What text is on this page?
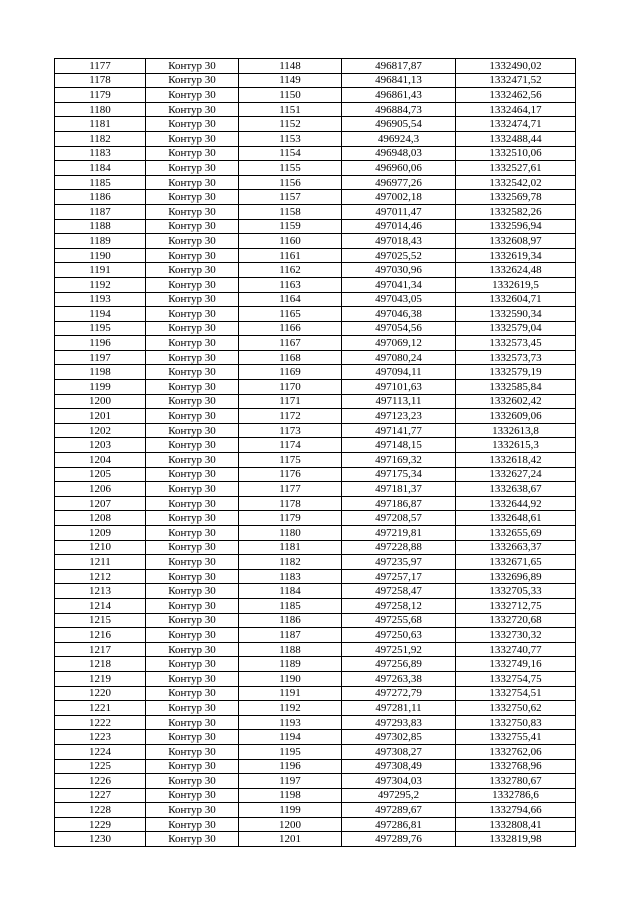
1177	Контур 30	1148	496817,87	1332490,02
1178	Контур 30	1149	496841,13	1332471,52
1179	Контур 30	1150	496861,43	1332462,56
1180	Контур 30	1151	496884,73	1332464,17
1181	Контур 30	1152	496905,54	1332474,71
1182	Контур 30	1153	496924,3	1332488,44
1183	Контур 30	1154	496948,03	1332510,06
1184	Контур 30	1155	496960,06	1332527,61
1185	Контур 30	1156	496977,26	1332542,02
1186	Контур 30	1157	497002,18	1332569,78
1187	Контур 30	1158	497011,47	1332582,26
1188	Контур 30	1159	497014,46	1332596,94
1189	Контур 30	1160	497018,43	1332608,97
1190	Контур 30	1161	497025,52	1332619,34
1191	Контур 30	1162	497030,96	1332624,48
1192	Контур 30	1163	497041,34	1332619,5
1193	Контур 30	1164	497043,05	1332604,71
1194	Контур 30	1165	497046,38	1332590,34
1195	Контур 30	1166	497054,56	1332579,04
1196	Контур 30	1167	497069,12	1332573,45
1197	Контур 30	1168	497080,24	1332573,73
1198	Контур 30	1169	497094,11	1332579,19
1199	Контур 30	1170	497101,63	1332585,84
1200	Контур 30	1171	497113,11	1332602,42
1201	Контур 30	1172	497123,23	1332609,06
1202	Контур 30	1173	497141,77	1332613,8
1203	Контур 30	1174	497148,15	1332615,3
1204	Контур 30	1175	497169,32	1332618,42
1205	Контур 30	1176	497175,34	1332627,24
1206	Контур 30	1177	497181,37	1332638,67
1207	Контур 30	1178	497186,87	1332644,92
1208	Контур 30	1179	497208,57	1332648,61
1209	Контур 30	1180	497219,81	1332655,69
1210	Контур 30	1181	497228,88	1332663,37
1211	Контур 30	1182	497235,97	1332671,65
1212	Контур 30	1183	497257,17	1332696,89
1213	Контур 30	1184	497258,47	1332705,33
1214	Контур 30	1185	497258,12	1332712,75
1215	Контур 30	1186	497255,68	1332720,68
1216	Контур 30	1187	497250,63	1332730,32
1217	Контур 30	1188	497251,92	1332740,77
1218	Контур 30	1189	497256,89	1332749,16
1219	Контур 30	1190	497263,38	1332754,75
1220	Контур 30	1191	497272,79	1332754,51
1221	Контур 30	1192	497281,11	1332750,62
1222	Контур 30	1193	497293,83	1332750,83
1223	Контур 30	1194	497302,85	1332755,41
1224	Контур 30	1195	497308,27	1332762,06
1225	Контур 30	1196	497308,49	1332768,96
1226	Контур 30	1197	497304,03	1332780,67
1227	Контур 30	1198	497295,2	1332786,6
1228	Контур 30	1199	497289,67	1332794,66
1229	Контур 30	1200	497286,81	1332808,41
1230	Контур 30	1201	497289,76	1332819,98
